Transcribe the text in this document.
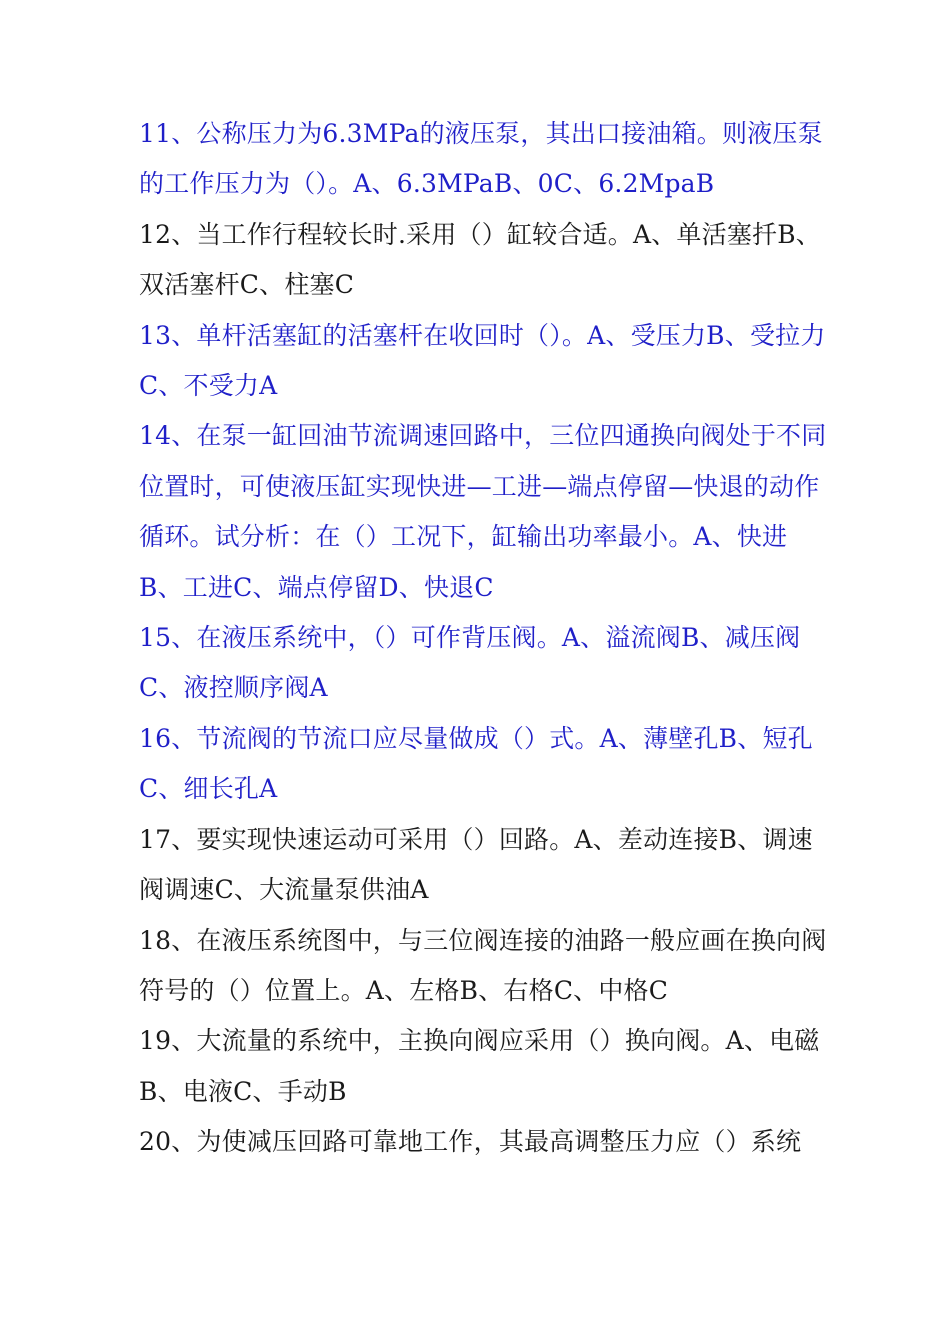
11、公称压力为6.3MPa的液压泵，其出口接油箱。则液压泵的工作压力为（）。A、6.3MPaB、0C、6.2MpaB

12、当工作行程较长时.采用（）缸较合适。A、单活塞扦B、双活塞杆C、柱塞C

13、单杆活塞缸的活塞杆在收回时（）。A、受压力B、受拉力C、不受力A

14、在泵一缸回油节流调速回路中，三位四通换向阀处于不同位置时，可使液压缸实现快进—工进—端点停留—快退的动作循环。试分析：在（）工况下，缸输出功率最小。A、快进B、工进C、端点停留D、快退C

15、在液压系统中，（）可作背压阀。A、溢流阀B、减压阀C、液控顺序阀A

16、节流阀的节流口应尽量做成（）式。A、薄壁孔B、短孔C、细长孔A

17、要实现快速运动可采用（）回路。A、差动连接B、调速阀调速C、大流量泵供油A

18、在液压系统图中，与三位阀连接的油路一般应画在换向阀符号的（）位置上。A、左格B、右格C、中格C

19、大流量的系统中，主换向阀应采用（）换向阀。A、电磁B、电液C、手动B

20、为使减压回路可靠地工作，其最高调整压力应（）系统
